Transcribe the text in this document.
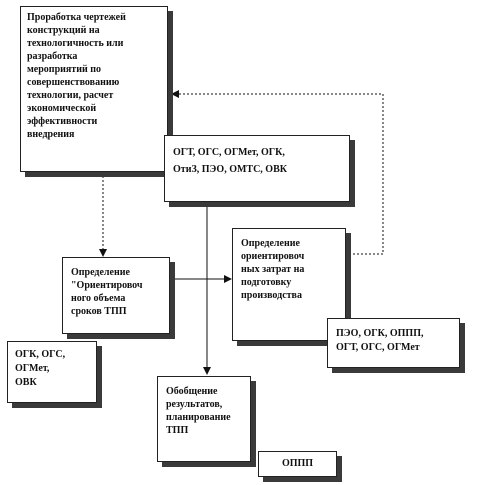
Проработка чертежей
конструкций на
технологичность или
разработка
мероприятий по
совершенствованию
технологии, расчет
экономической
эффективности
внедрения
ОГТ, ОГС, ОГМет, ОГК,
ОтиЗ, ПЭО, ОМТС, ОВК
Определение
"Ориентировоч
ного объема
сроков ТПП
ОГК, ОГС,
ОГМет,
ОВК
Определение
ориентировоч
ных затрат на
подготовку
производства
ПЭО, ОГК, ОППП,
ОГТ, ОГС, ОГМет
Обобщение
результатов,
планирование
ТПП
ОППП
